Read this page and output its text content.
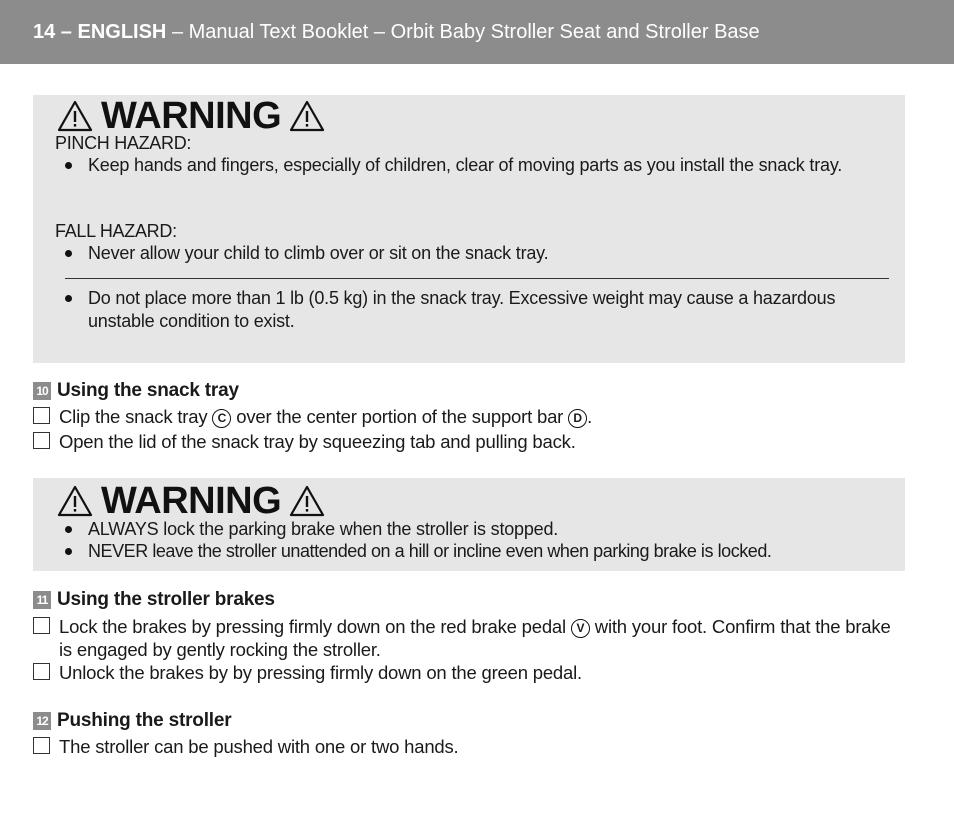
14 – ENGLISH – Manual Text Booklet – Orbit Baby Stroller Seat and Stroller Base
WARNING
PINCH HAZARD:
Keep hands and fingers, especially of children, clear of moving parts as you install the snack tray.
FALL HAZARD:
Never allow your child to climb over or sit on the snack tray.
Do not place more than 1 lb (0.5 kg) in the snack tray. Excessive weight may cause a hazardous unstable condition to exist.
10 Using the snack tray
Clip the snack tray C over the center portion of the support bar D .
Open the lid of the snack tray by squeezing tab and pulling back.
WARNING
ALWAYS lock the parking brake when the stroller is stopped.
NEVER leave the stroller unattended on a hill or incline even when parking brake is locked.
11 Using the stroller brakes
Lock the brakes by pressing firmly down on the red brake pedal V with your foot. Confirm that the brake is engaged by gently rocking the stroller.
Unlock the brakes by by pressing firmly down on the green pedal.
12 Pushing the stroller
The stroller can be pushed with one or two hands.
